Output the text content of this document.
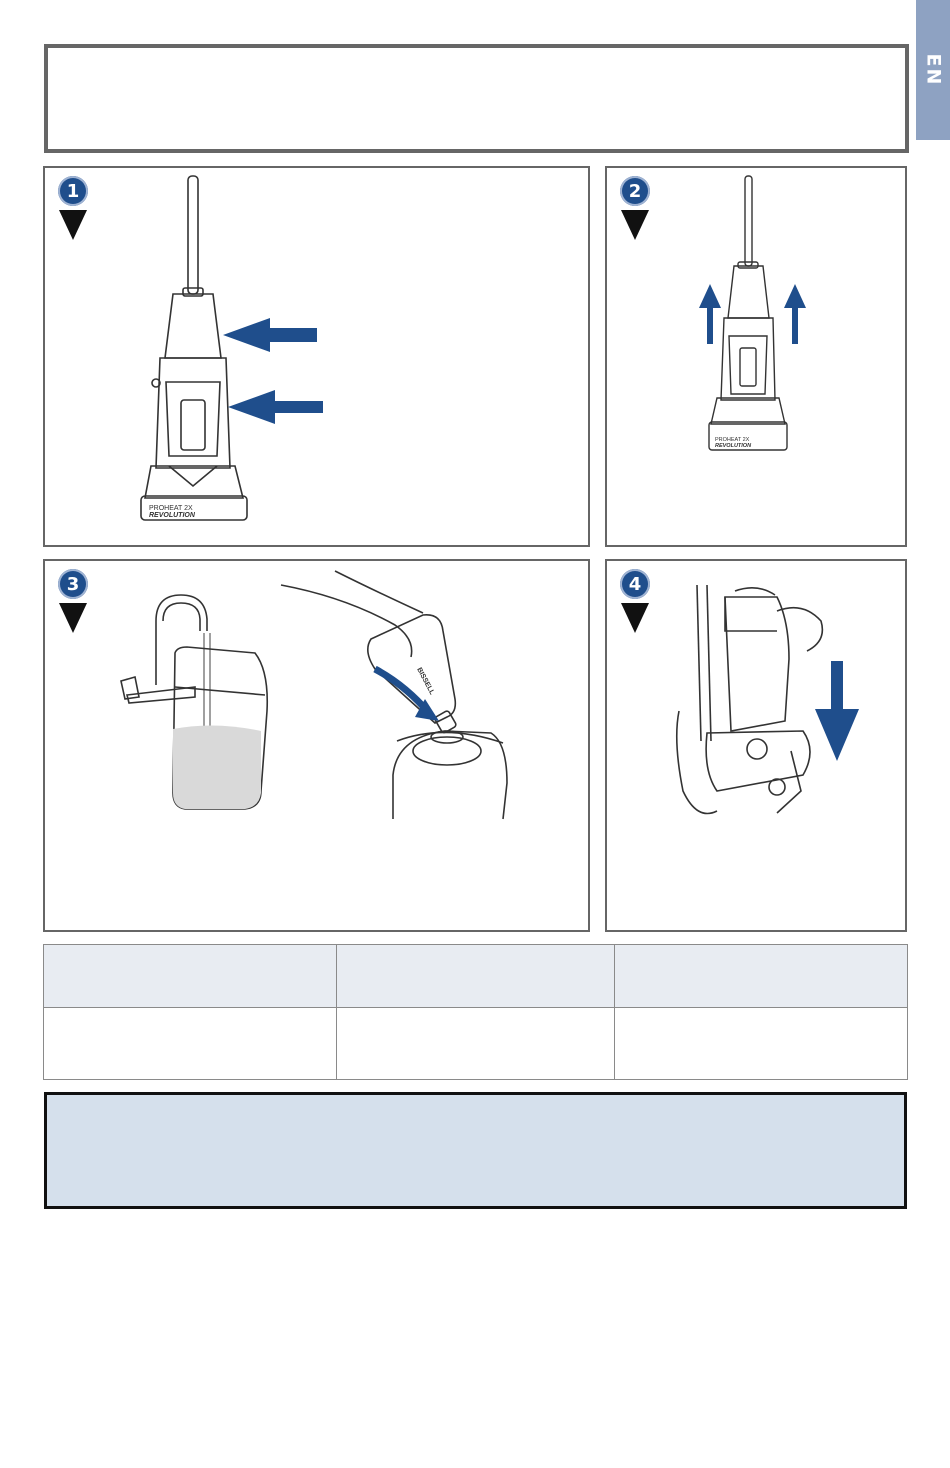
EN
1
PROHEAT 2X
REVOLUTION
2
PROHEAT 2X
REVOLUTION
3
BISSELL
4
